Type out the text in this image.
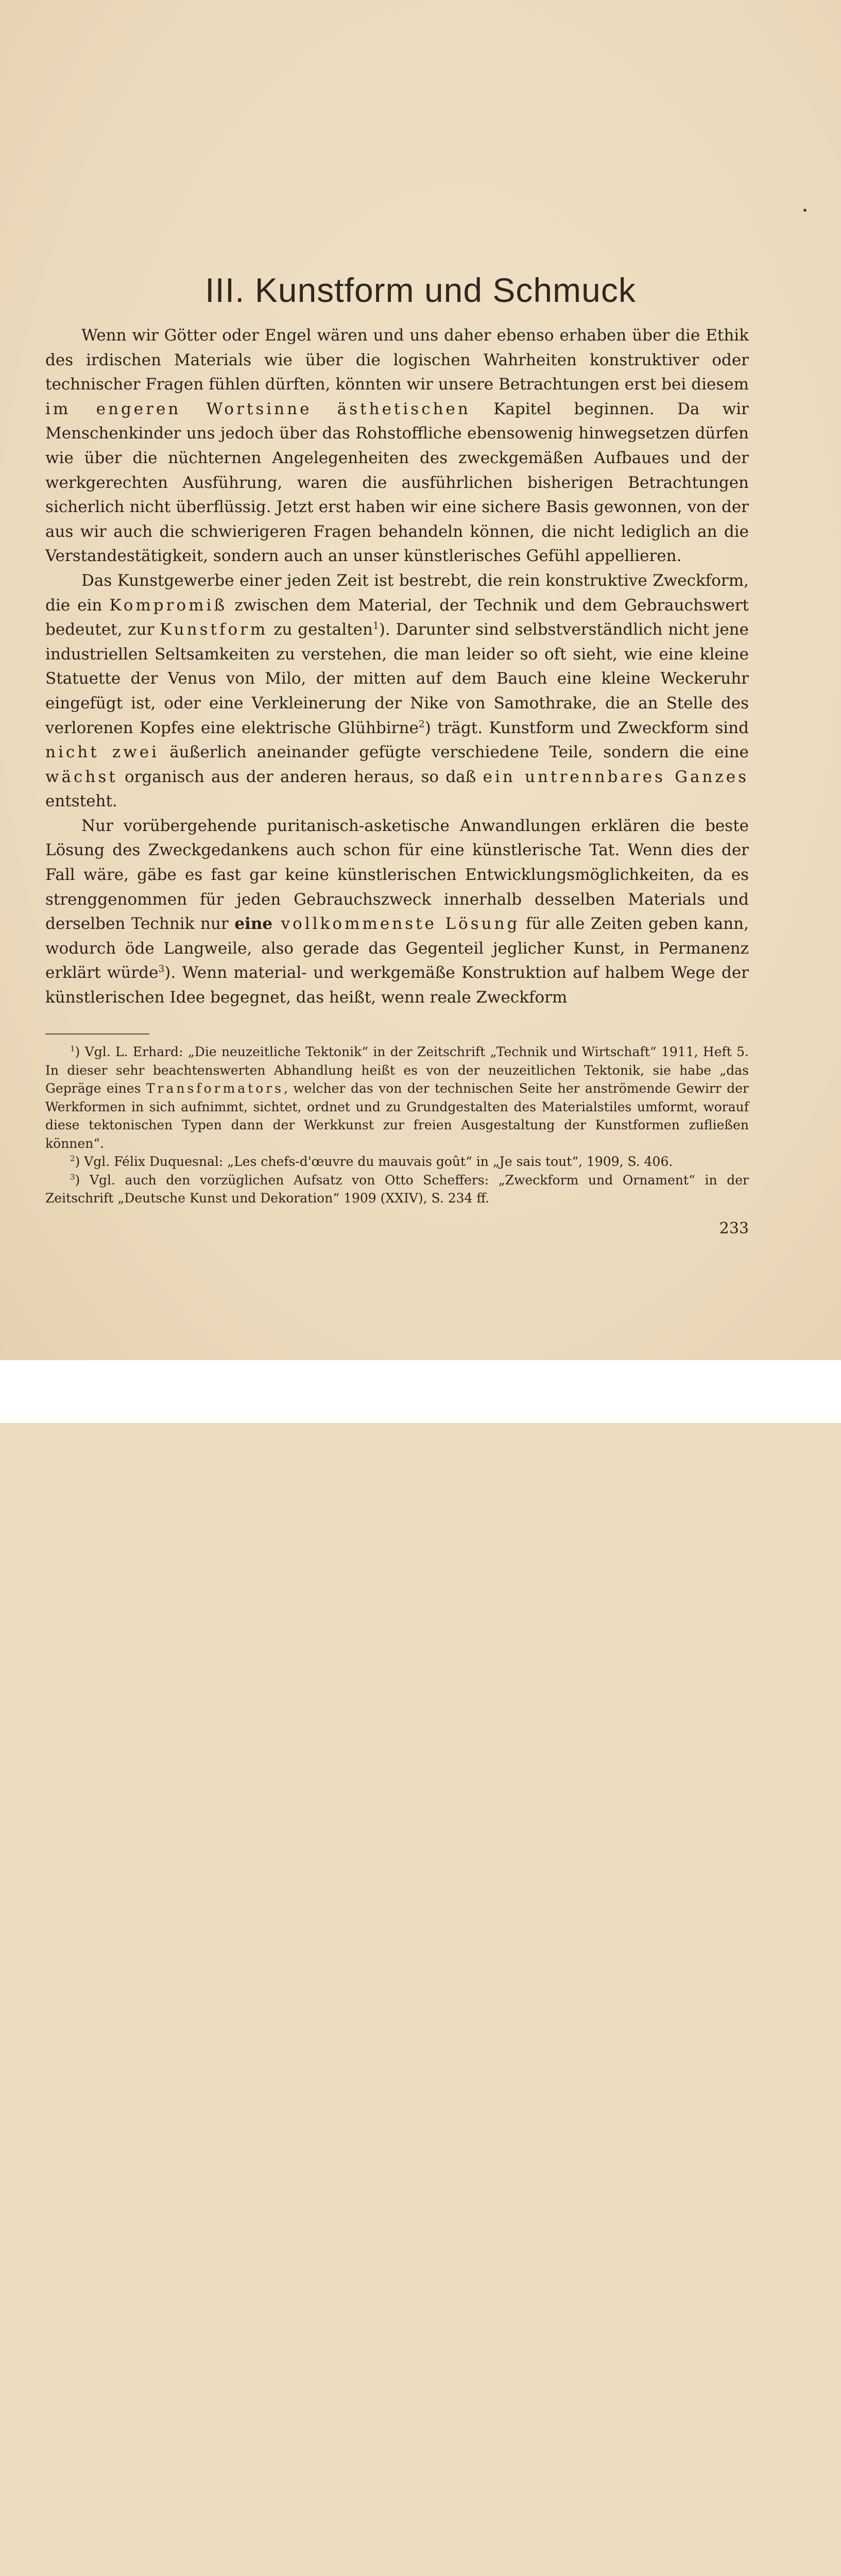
III. Kunstform und Schmuck

Wenn wir Götter oder Engel wären und uns daher ebenso erhaben über die Ethik des irdischen Materials wie über die logischen Wahrheiten konstruktiver oder technischer Fragen fühlen dürften, könnten wir unsere Betrachtungen erst bei diesem im engeren Wortsinne ästhetischen Kapitel beginnen. Da wir Menschenkinder uns jedoch über das Rohstoffliche ebensowenig hinwegsetzen dürfen wie über die nüchternen Angelegenheiten des zweckgemäßen Aufbaues und der werkgerechten Ausführung, waren die ausführlichen bisherigen Betrachtungen sicherlich nicht überflüssig. Jetzt erst haben wir eine sichere Basis gewonnen, von der aus wir auch die schwierigeren Fragen behandeln können, die nicht lediglich an die Verstandestätigkeit, sondern auch an unser künstlerisches Gefühl appellieren.

Das Kunstgewerbe einer jeden Zeit ist bestrebt, die rein konstruktive Zweckform, die ein Kompromiß zwischen dem Material, der Technik und dem Gebrauchswert bedeutet, zur Kunstform zu gestalten$^1$). Darunter sind selbstverständlich nicht jene industriellen Seltsamkeiten zu verstehen, die man leider so oft sieht, wie eine kleine Statuette der Venus von Milo, der mitten auf dem Bauch eine kleine Weckeruhr eingefügt ist, oder eine Verkleinerung der Nike von Samothrake, die an Stelle des verlorenen Kopfes eine elektrische Glühbirne$^2$) trägt. Kunstform und Zweckform sind nicht zwei äußerlich aneinander gefügte verschiedene Teile, sondern die eine wächst organisch aus der anderen heraus, so daß ein untrennbares Ganzes entsteht.

Nur vorübergehende puritanisch-asketische Anwandlungen erklären die beste Lösung des Zweckgedankens auch schon für eine künstlerische Tat. Wenn dies der Fall wäre, gäbe es fast gar keine künstlerischen Entwicklungsmöglichkeiten, da es strenggenommen für jeden Gebrauchszweck innerhalb desselben Materials und derselben Technik nur eine vollkommenste Lösung für alle Zeiten geben kann, wodurch öde Langweile, also gerade das Gegenteil jeglicher Kunst, in Permanenz erklärt würde$^3$). Wenn material- und werkgemäße Konstruktion auf halbem Wege der künstlerischen Idee begegnet, das heißt, wenn reale Zweckform

$^1$) Vgl. L. Erhard: „Die neuzeitliche Tektonik“ in der Zeitschrift „Technik und Wirtschaft“ 1911, Heft 5. In dieser sehr beachtenswerten Abhandlung heißt es von der neuzeitlichen Tektonik, sie habe „das Gepräge eines Transformators, welcher das von der technischen Seite her anströmende Gewirr der Werkformen in sich aufnimmt, sichtet, ordnet und zu Grundgestalten des Materialstiles umformt, worauf diese tektonischen Typen dann der Werkkunst zur freien Ausgestaltung der Kunstformen zufließen können“.

$^2$) Vgl. Félix Duquesnal: „Les chefs-d'œuvre du mauvais goût“ in „Je sais tout“, 1909, S. 406.

$^3$) Vgl. auch den vorzüglichen Aufsatz von Otto Scheffers: „Zweckform und Ornament“ in der Zeitschrift „Deutsche Kunst und Dekoration“ 1909 (XXIV), S. 234 ff.

233
